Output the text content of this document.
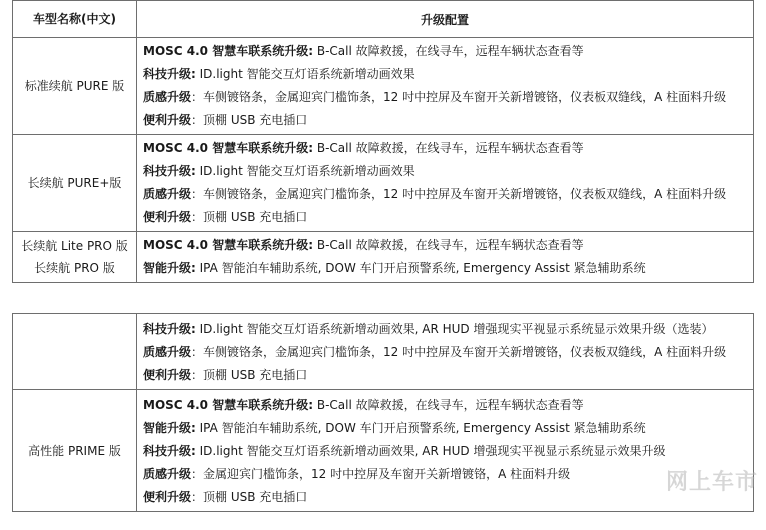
车型名称(中文)	升级配置
标准续航 PURE 版
MOSC 4.0 智慧车联系统升级: B-Call 故障救援，在线寻车，远程车辆状态查看等
科技升级: ID.light 智能交互灯语系统新增动画效果
质感升级：车侧镀铬条，金属迎宾门槛饰条，12 吋中控屏及车窗开关新增镀铬，仪表板双缝线，A 柱面料升级
便利升级：顶棚 USB 充电插口
长续航 PURE+版
MOSC 4.0 智慧车联系统升级: B-Call 故障救援，在线寻车，远程车辆状态查看等
科技升级: ID.light 智能交互灯语系统新增动画效果
质感升级：车侧镀铬条，金属迎宾门槛饰条，12 吋中控屏及车窗开关新增镀铬，仪表板双缝线，A 柱面料升级
便利升级：顶棚 USB 充电插口
长续航 Lite PRO 版
长续航 PRO 版
MOSC 4.0 智慧车联系统升级: B-Call 故障救援，在线寻车，远程车辆状态查看等
智能升级: IPA 智能泊车辅助系统, DOW 车门开启预警系统, Emergency Assist 紧急辅助系统
科技升级: ID.light 智能交互灯语系统新增动画效果, AR HUD 增强现实平视显示系统显示效果升级（选装）
质感升级：车侧镀铬条，金属迎宾门槛饰条，12 吋中控屏及车窗开关新增镀铬，仪表板双缝线，A 柱面料升级
便利升级：顶棚 USB 充电插口
高性能 PRIME 版
MOSC 4.0 智慧车联系统升级: B-Call 故障救援，在线寻车，远程车辆状态查看等
智能升级: IPA 智能泊车辅助系统, DOW 车门开启预警系统, Emergency Assist 紧急辅助系统
科技升级: ID.light 智能交互灯语系统新增动画效果, AR HUD 增强现实平视显示系统显示效果升级
质感升级：金属迎宾门槛饰条，12 吋中控屏及车窗开关新增镀铬，A 柱面料升级
便利升级：顶棚 USB 充电插口
网上车市
